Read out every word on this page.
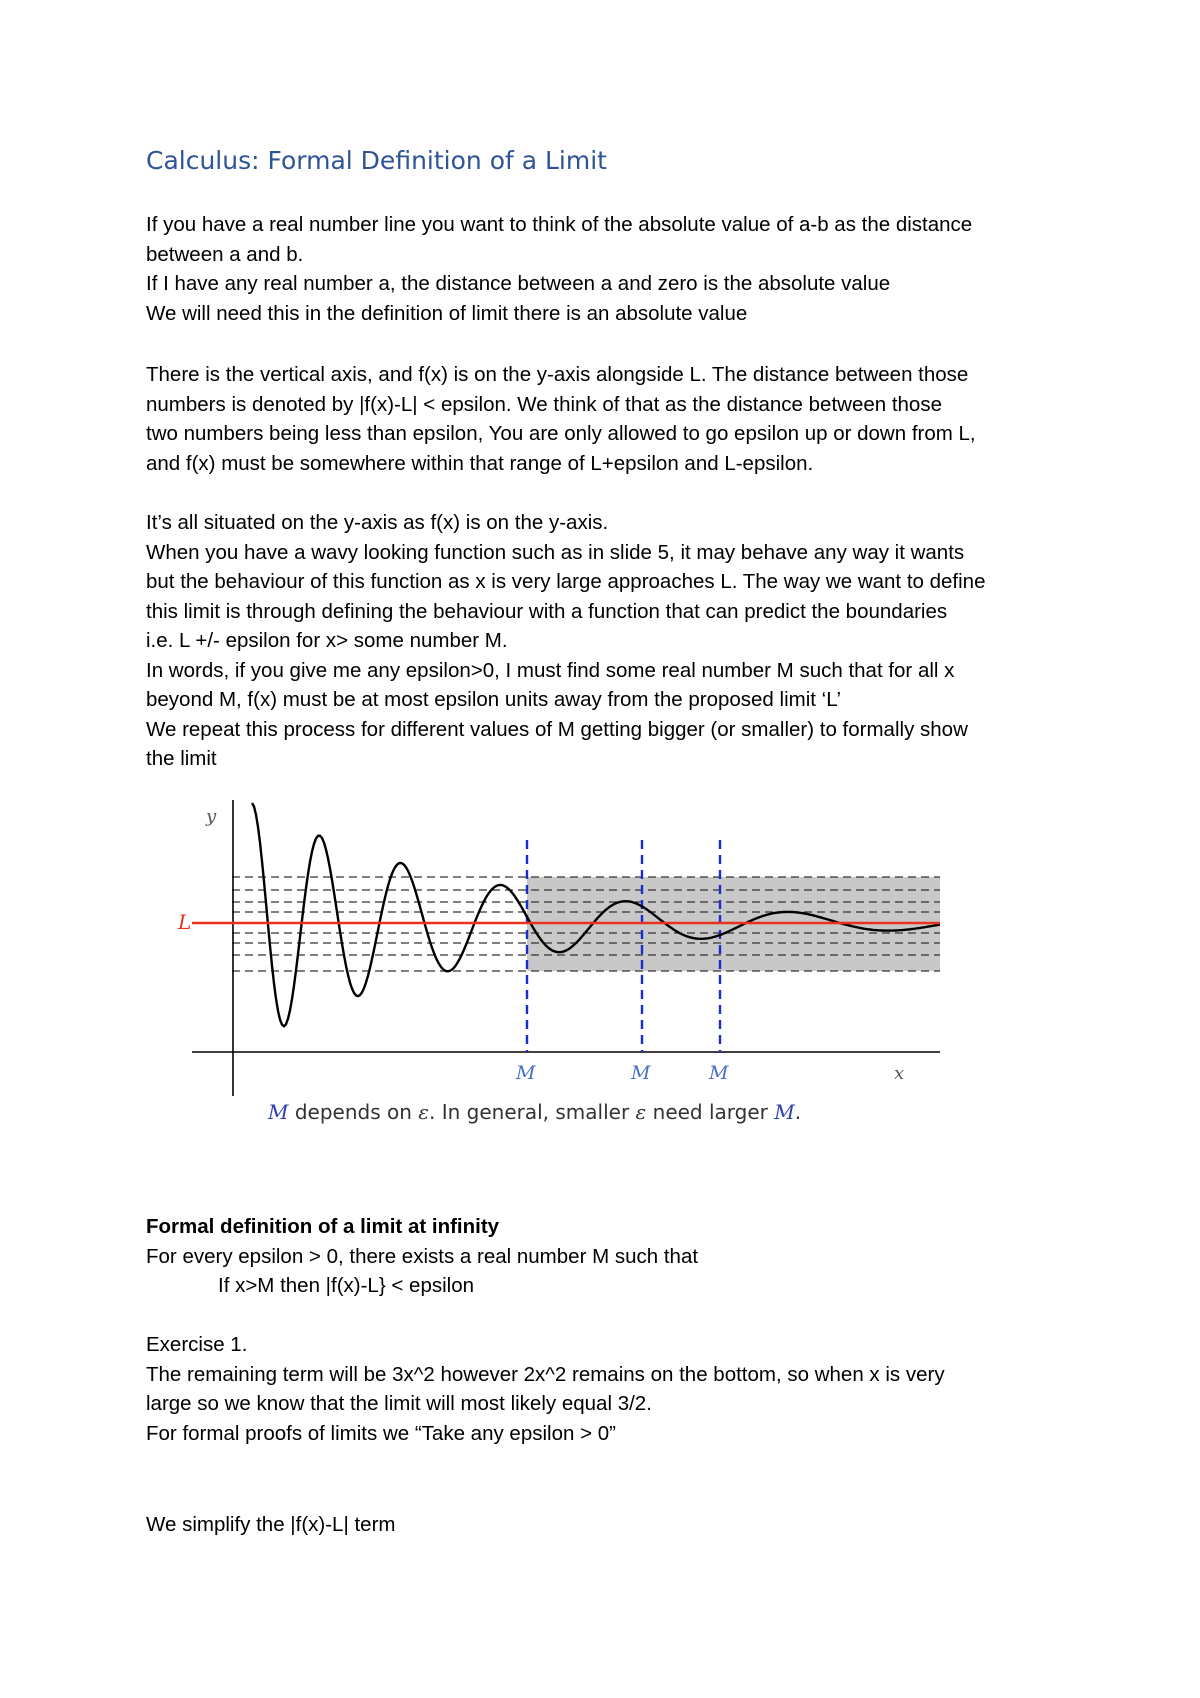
Calculus: Formal Definition of a Limit
If you have a real number line you want to think of the absolute value of a-b as the distance
between a and b.
If I have any real number a, the distance between a and zero is the absolute value
We will need this in the definition of limit there is an absolute value
There is the vertical axis, and f(x) is on the y-axis alongside L. The distance between those
numbers is denoted by |f(x)-L| < epsilon. We think of that as the distance between those
two numbers being less than epsilon, You are only allowed to go epsilon up or down from L,
and f(x) must be somewhere within that range of L+epsilon and L-epsilon.
It’s all situated on the y-axis as f(x) is on the y-axis.
When you have a wavy looking function such as in slide 5, it may behave any way it wants
but the behaviour of this function as x is very large approaches L. The way we want to define
this limit is through defining the behaviour with a function that can predict the boundaries
i.e. L +/- epsilon for x> some number M.
In words, if you give me any epsilon>0, I must find some real number M such that for all x
beyond M, f(x) must be at most epsilon units away from the proposed limit ‘L’
We repeat this process for different values of M getting bigger (or smaller) to formally show
the limit
y
L
x
M	M	M
M depends on ε. In general, smaller ε need larger M.
Formal definition of a limit at infinity
For every epsilon > 0, there exists a real number M such that
If x>M then |f(x)-L} < epsilon
Exercise 1.
The remaining term will be 3x^2 however 2x^2 remains on the bottom, so when x is very
large so we know that the limit will most likely equal 3/2.
For formal proofs of limits we “Take any epsilon > 0”
We simplify the |f(x)-L| term
